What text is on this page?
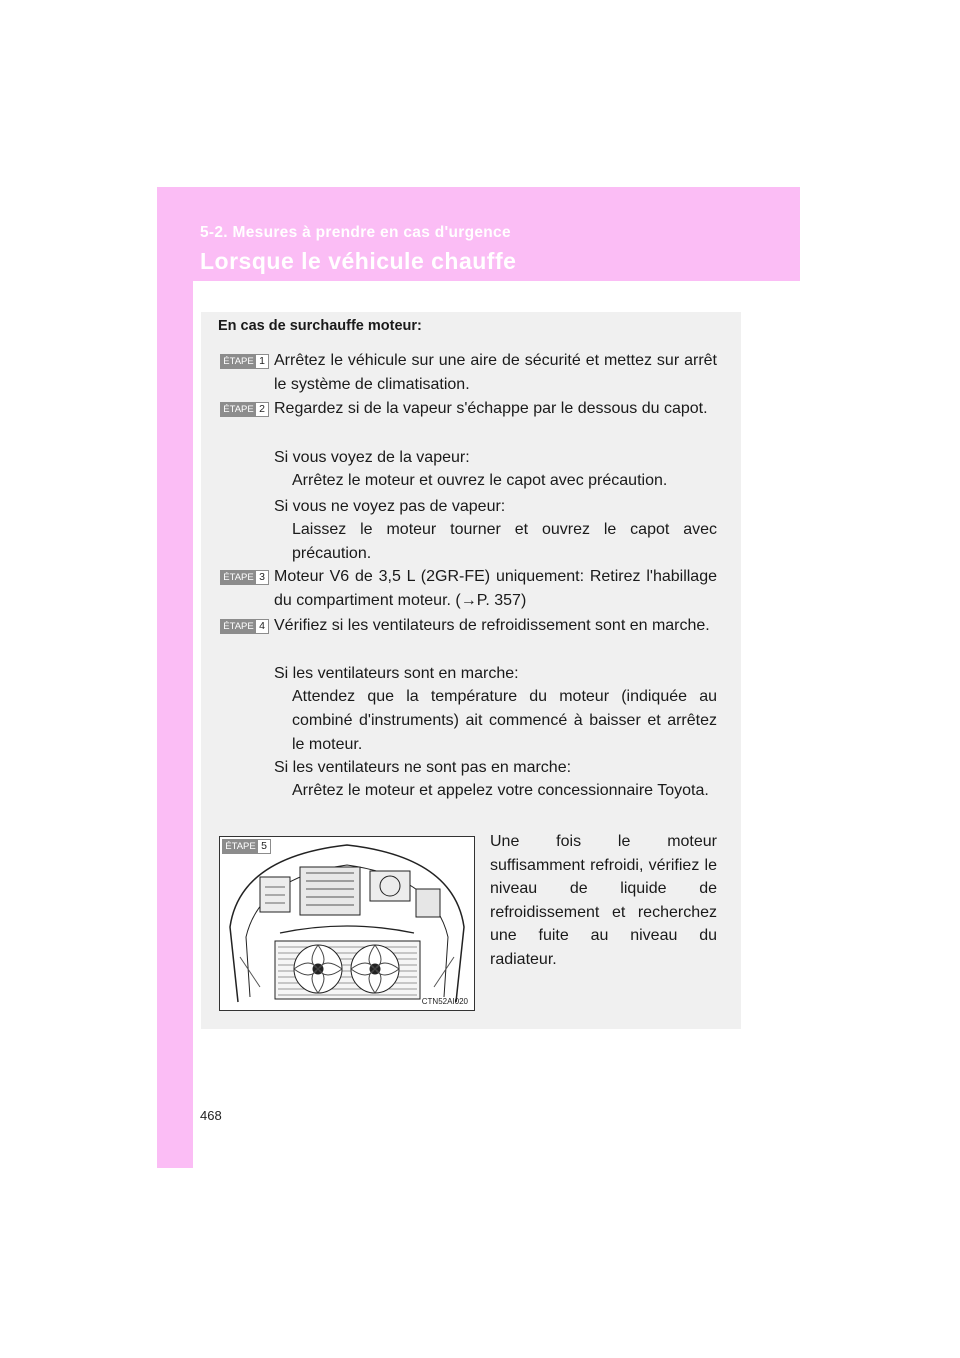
5-2. Mesures à prendre en cas d'urgence
Lorsque le véhicule chauffe
En cas de surchauffe moteur:
ÉTAPE 1 Arrêtez le véhicule sur une aire de sécurité et mettez sur arrêt le système de climatisation.
ÉTAPE 2 Regardez si de la vapeur s'échappe par le dessous du capot.
Si vous voyez de la vapeur:
Arrêtez le moteur et ouvrez le capot avec précaution.
Si vous ne voyez pas de vapeur:
Laissez le moteur tourner et ouvrez le capot avec précaution.
ÉTAPE 3 Moteur V6 de 3,5 L (2GR-FE) uniquement: Retirez l'habillage du compartiment moteur. (→P. 357)
ÉTAPE 4 Vérifiez si les ventilateurs de refroidissement sont en marche.
Si les ventilateurs sont en marche:
Attendez que la température du moteur (indiquée au combiné d'instruments) ait commencé à baisser et arrêtez le moteur.
Si les ventilateurs ne sont pas en marche:
Arrêtez le moteur et appelez votre concessionnaire Toyota.
ÉTAPE 5
CTN52AI020
Une fois le moteur suffisamment refroidi, vérifiez le niveau de liquide de refroidissement et recherchez une fuite au niveau du radiateur.
468
